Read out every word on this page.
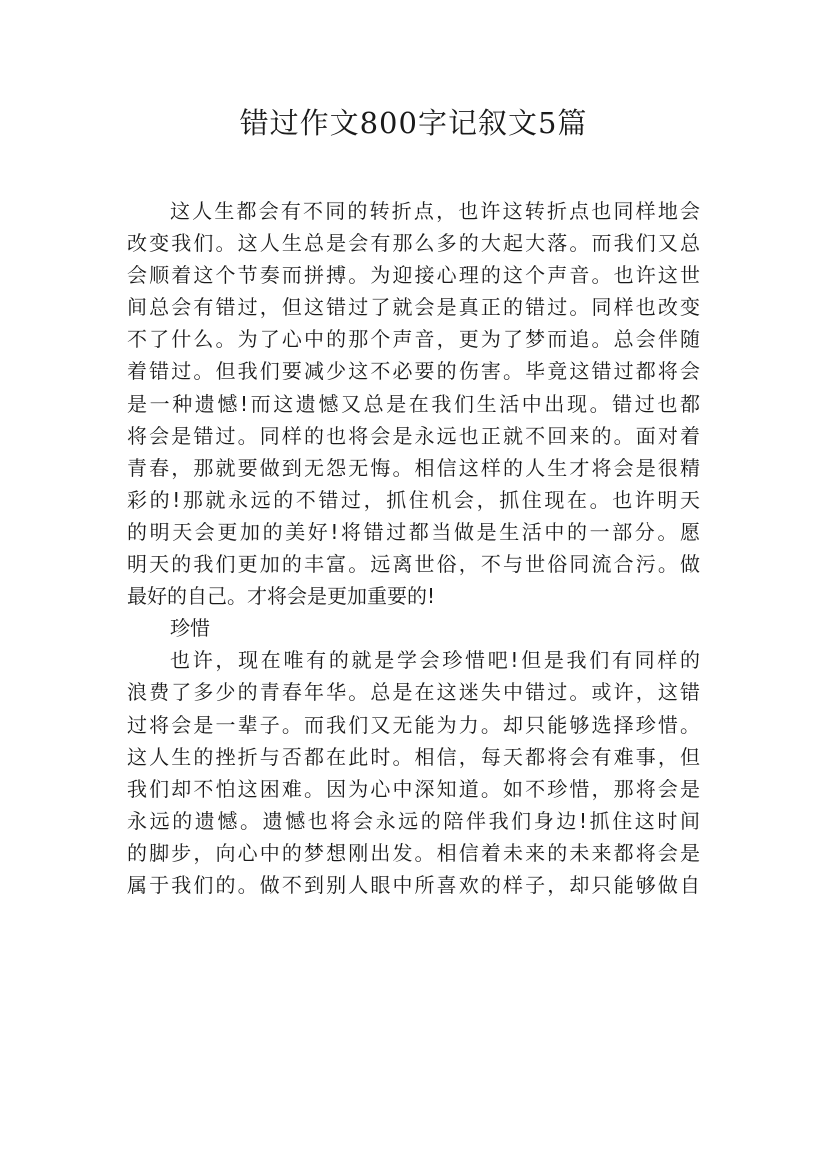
错过作文800字记叙文5篇
这人生都会有不同的转折点，也许这转折点也同样地会
改变我们。这人生总是会有那么多的大起大落。而我们又总
会顺着这个节奏而拼搏。为迎接心理的这个声音。也许这世
间总会有错过，但这错过了就会是真正的错过。同样也改变
不了什么。为了心中的那个声音，更为了梦而追。总会伴随
着错过。但我们要减少这不必要的伤害。毕竟这错过都将会
是一种遗憾!而这遗憾又总是在我们生活中出现。错过也都
将会是错过。同样的也将会是永远也正就不回来的。面对着
青春，那就要做到无怨无悔。相信这样的人生才将会是很精
彩的!那就永远的不错过，抓住机会，抓住现在。也许明天
的明天会更加的美好!将错过都当做是生活中的一部分。愿
明天的我们更加的丰富。远离世俗，不与世俗同流合污。做
最好的自己。才将会是更加重要的!
珍惜
也许，现在唯有的就是学会珍惜吧!但是我们有同样的
浪费了多少的青春年华。总是在这迷失中错过。或许，这错
过将会是一辈子。而我们又无能为力。却只能够选择珍惜。
这人生的挫折与否都在此时。相信，每天都将会有难事，但
我们却不怕这困难。因为心中深知道。如不珍惜，那将会是
永远的遗憾。遗憾也将会永远的陪伴我们身边!抓住这时间
的脚步，向心中的梦想刚出发。相信着未来的未来都将会是
属于我们的。做不到别人眼中所喜欢的样子，却只能够做自
